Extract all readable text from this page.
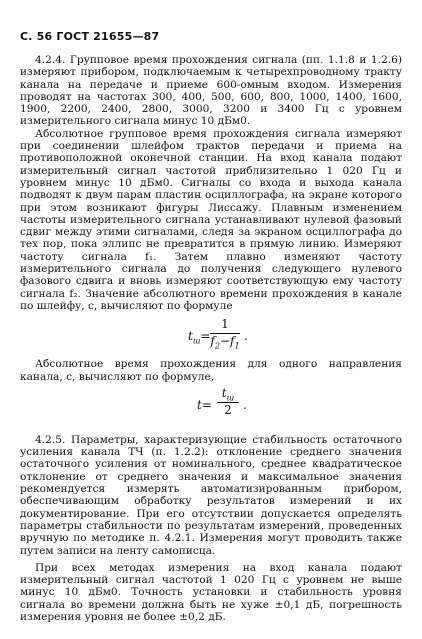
С. 56 ГОСТ 21655—87

4.2.4. Групповое время прохождения сигнала (пп. 1.1.8 и 1.2.6) измеряют прибором, подключаемым к четырехпроводному тракту канала на передаче и приеме 600-омным входом. Измерения проводят на частотах 300, 400, 500, 600, 800, 1000, 1400, 1600, 1900, 2200, 2400, 2800, 3000, 3200 и 3400 Гц с уровнем измерительного сигнала минус 10 дБм0.

Абсолютное групповое время прохождения сигнала измеряют при соединении шлейфом трактов передачи и приема на противоположной оконечной станции. На вход канала подают измерительный сигнал частотой приблизительно 1 020 Гц и уровнем минус 10 дБм0. Сигналы со входа и выхода канала подводят к двум парам пластин осциллографа, на экране которого при этом возникают фигуры Лиссажу. Плавным изменением частоты измерительного сигнала устанавливают нулевой фазовый сдвиг между этими сигналами, следя за экраном осциллографа до тех пор, пока эллипс не превратится в прямую линию. Измеряют частоту сигнала f₁. Затем плавно изменяют частоту измерительного сигнала до получения следующего нулевого фазового сдвига и вновь измеряют соответствующую ему частоту сигнала f₂. Значение абсолютного времени прохождения в канале по шлейфу, с, вычисляют по формуле

$t_ш=$
1
$f_2-f_1$
.

Абсолютное время прохождения для одного направления канала, с, вычисляют по формуле,

t=
$t_ш$
2 .

4.2.5. Параметры, характеризующие стабильность остаточного усиления канала ТЧ (п. 1.2.2): отклонение среднего значения остаточного усиления от номинального, среднее квадратическое отклонение от среднего значения и максимальное значения рекомендуется измерять автоматизированным прибором, обеспечивающим обработку результатов измерений и их документирование. При его отсутствии допускается определять параметры стабильности по результатам измерений, проведенных вручную по методике п. 4.2.1. Измерения могут проводить также путем записи на ленту самописца.

При всех методах измерения на вход канала подают измерительный сигнал частотой 1 020 Гц с уровнем не выше минус 10 дБм0. Точность установки и стабильность уровня сигнала во времени должна быть не хуже ±0,1 дБ, погрешность измерения уровня не более ±0,2 дБ.
